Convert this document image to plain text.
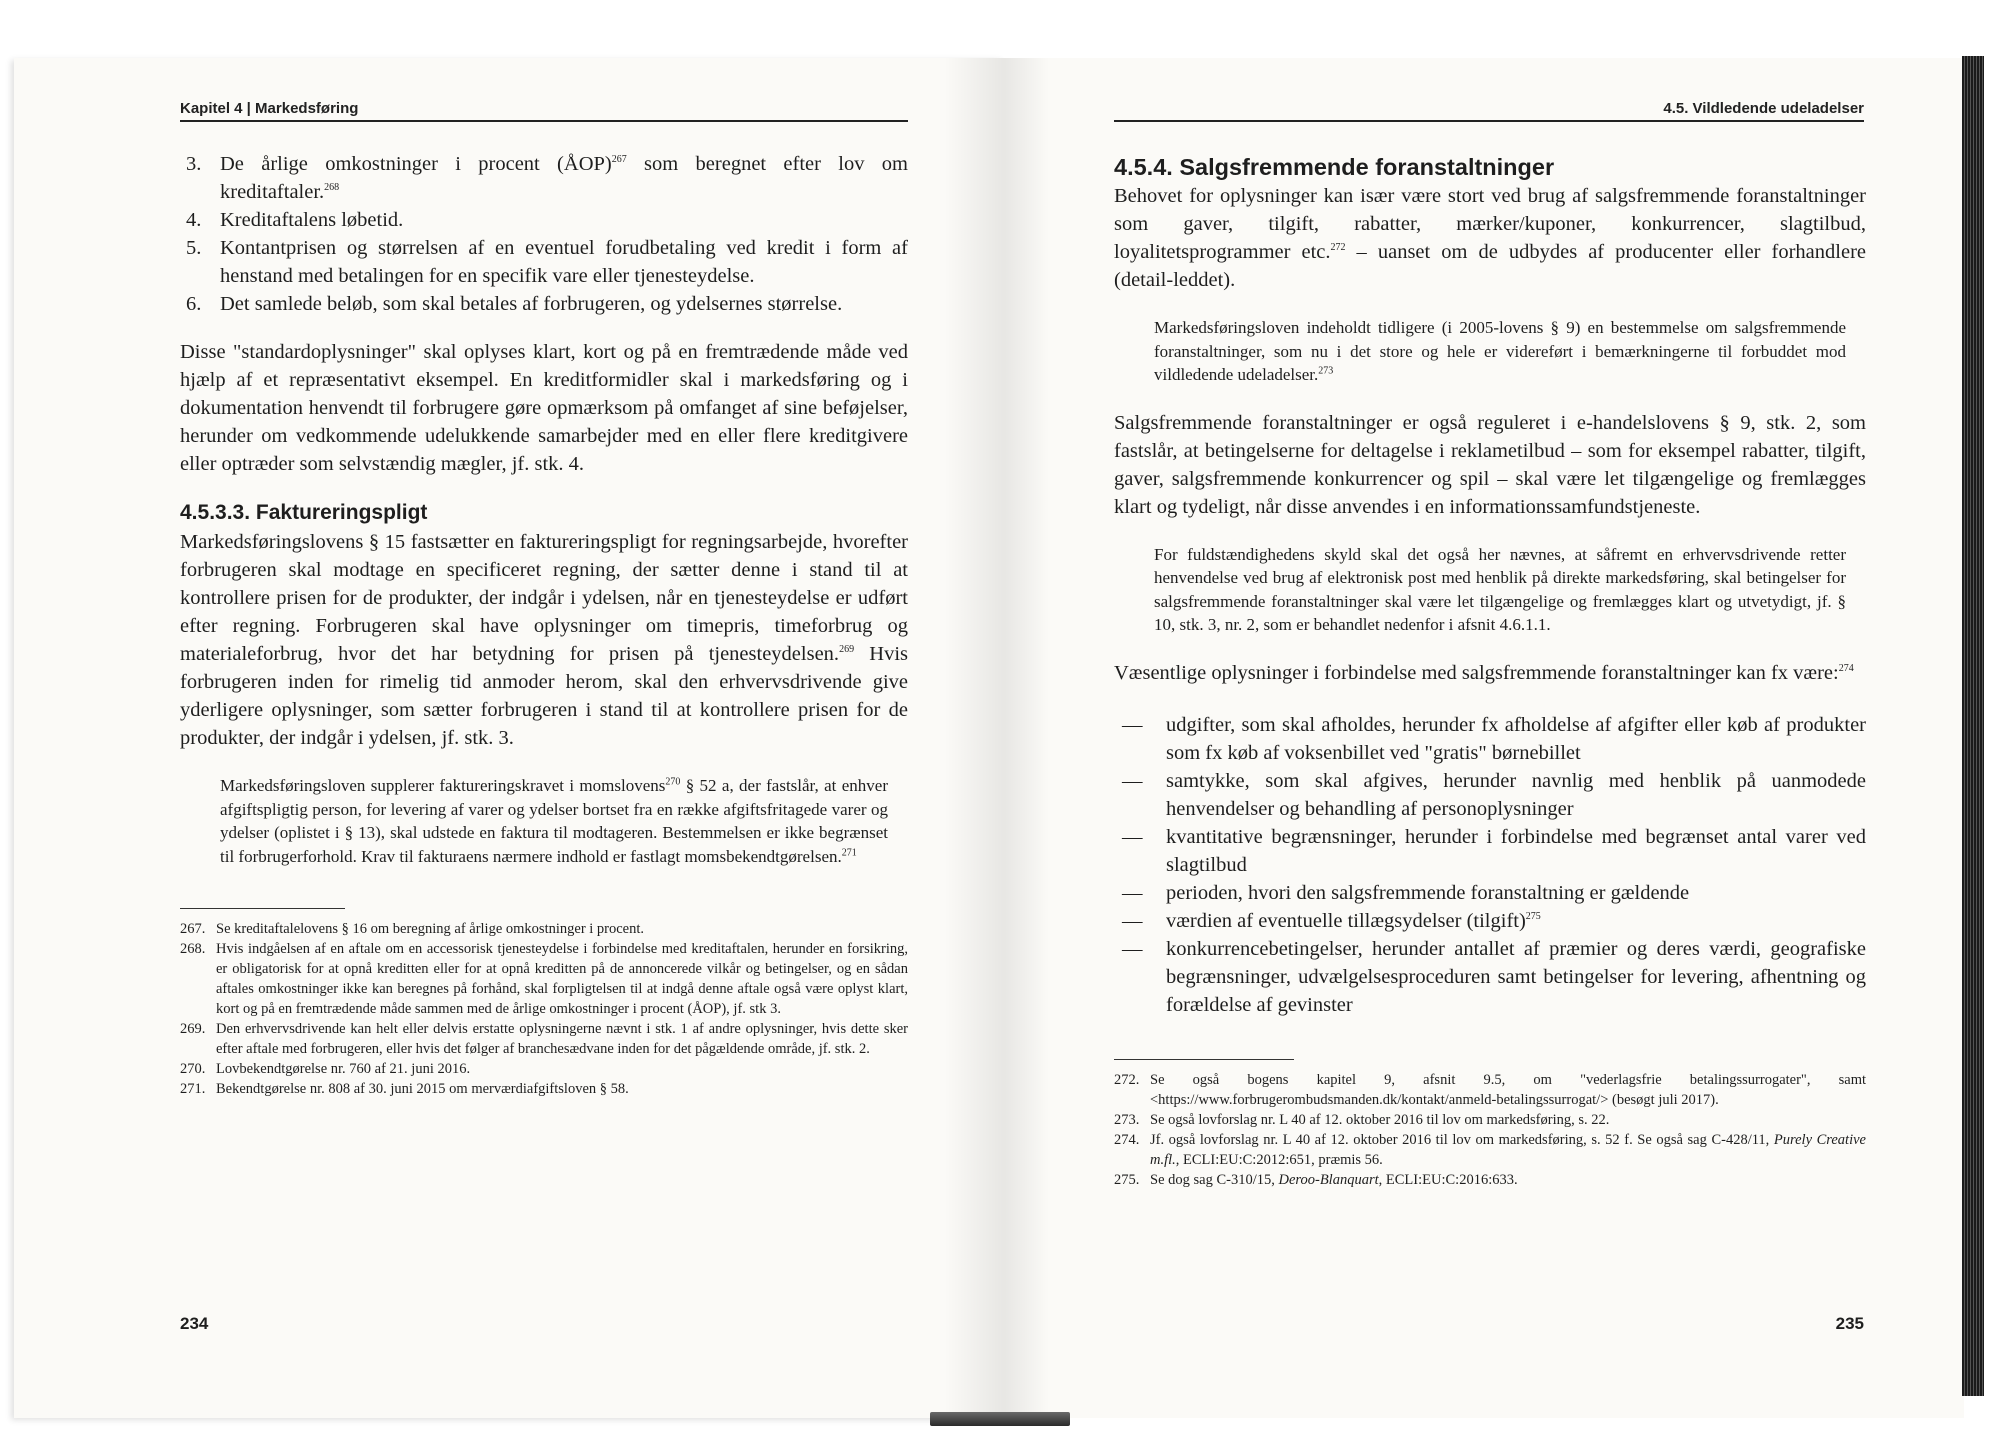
Kapitel 4 | Markedsføring
3. De årlige omkostninger i procent (ÅOP)$^{267}$ som beregnet efter lov om kreditaftaler.$^{268}$
4. Kreditaftalens løbetid.
5. Kontantprisen og størrelsen af en eventuel forudbetaling ved kredit i form af henstand med betalingen for en specifik vare eller tjenesteydelse.
6. Det samlede beløb, som skal betales af forbrugeren, og ydelsernes størrelse.

Disse "standardoplysninger" skal oplyses klart, kort og på en fremtrædende måde ved hjælp af et repræsentativt eksempel. En kreditformidler skal i markedsføring og i dokumentation henvendt til forbrugere gøre opmærksom på omfanget af sine beføjelser, herunder om vedkommende udelukkende samarbejder med en eller flere kreditgivere eller optræder som selvstændig mægler, jf. stk. 4.

4.5.3.3. Faktureringspligt

Markedsføringslovens § 15 fastsætter en faktureringspligt for regningsarbejde, hvorefter forbrugeren skal modtage en specificeret regning, der sætter denne i stand til at kontrollere prisen for de produkter, der indgår i ydelsen, når en tjenesteydelse er udført efter regning. Forbrugeren skal have oplysninger om timepris, timeforbrug og materialeforbrug, hvor det har betydning for prisen på tjenesteydelsen.$^{269}$ Hvis forbrugeren inden for rimelig tid anmoder herom, skal den erhvervsdrivende give yderligere oplysninger, som sætter forbrugeren i stand til at kontrollere prisen for de produkter, der indgår i ydelsen, jf. stk. 3.

Markedsføringsloven supplerer faktureringskravet i momslovens$^{270}$ § 52 a, der fastslår, at enhver afgiftspligtig person, for levering af varer og ydelser bortset fra en række afgiftsfritagede varer og ydelser (oplistet i § 13), skal udstede en faktura til modtageren. Bestemmelsen er ikke begrænset til forbrugerforhold. Krav til fakturaens nærmere indhold er fastlagt momsbekendtgørelsen.$^{271}$

267. Se kreditaftalelovens § 16 om beregning af årlige omkostninger i procent.
268. Hvis indgåelsen af en aftale om en accessorisk tjenesteydelse i forbindelse med kreditaftalen, herunder en forsikring, er obligatorisk for at opnå kreditten eller for at opnå kreditten på de annoncerede vilkår og betingelser, og en sådan aftales omkostninger ikke kan beregnes på forhånd, skal forpligtelsen til at indgå denne aftale også være oplyst klart, kort og på en fremtrædende måde sammen med de årlige omkostninger i procent (ÅOP), jf. stk 3.
269. Den erhvervsdrivende kan helt eller delvis erstatte oplysningerne nævnt i stk. 1 af andre oplysninger, hvis dette sker efter aftale med forbrugeren, eller hvis det følger af branchesædvane inden for det pågældende område, jf. stk. 2.
270. Lovbekendtgørelse nr. 760 af 21. juni 2016.
271. Bekendtgørelse nr. 808 af 30. juni 2015 om merværdiafgiftsloven § 58.
234
4.5. Vildledende udeladelser
4.5.4. Salgsfremmende foranstaltninger

Behovet for oplysninger kan især være stort ved brug af salgsfremmende foranstaltninger som gaver, tilgift, rabatter, mærker/kuponer, konkurrencer, slagtilbud, loyalitetsprogrammer etc.$^{272}$ – uanset om de udbydes af producenter eller forhandlere (detail-leddet).

Markedsføringsloven indeholdt tidligere (i 2005-lovens § 9) en bestemmelse om salgsfremmende foranstaltninger, som nu i det store og hele er videreført i bemærkningerne til forbuddet mod vildledende udeladelser.$^{273}$

Salgsfremmende foranstaltninger er også reguleret i e-handelslovens § 9, stk. 2, som fastslår, at betingelserne for deltagelse i reklametilbud – som for eksempel rabatter, tilgift, gaver, salgsfremmende konkurrencer og spil – skal være let tilgængelige og fremlægges klart og tydeligt, når disse anvendes i en informationssamfundstjeneste.

For fuldstændighedens skyld skal det også her nævnes, at såfremt en erhvervsdrivende retter henvendelse ved brug af elektronisk post med henblik på direkte markedsføring, skal betingelser for salgsfremmende foranstaltninger skal være let tilgængelige og fremlægges klart og utvetydigt, jf. § 10, stk. 3, nr. 2, som er behandlet nedenfor i afsnit 4.6.1.1.

Væsentlige oplysninger i forbindelse med salgsfremmende foranstaltninger kan fx være:$^{274}$

—	udgifter, som skal afholdes, herunder fx afholdelse af afgifter eller køb af produkter som fx køb af voksenbillet ved "gratis" børnebillet
—	samtykke, som skal afgives, herunder navnlig med henblik på uanmodede henvendelser og behandling af personoplysninger
—	kvantitative begrænsninger, herunder i forbindelse med begrænset antal varer ved slagtilbud
—	perioden, hvori den salgsfremmende foranstaltning er gældende
—	værdien af eventuelle tillægsydelser (tilgift)$^{275}$
—	konkurrencebetingelser, herunder antallet af præmier og deres værdi, geografiske begrænsninger, udvælgelsesproceduren samt betingelser for levering, afhentning og forældelse af gevinster
272. Se også bogens kapitel 9, afsnit 9.5, om "vederlagsfrie betalingssurrogater", samt <https://www.forbrugerombudsmanden.dk/kontakt/anmeld-betalingssurrogat/> (besøgt juli 2017).
273. Se også lovforslag nr. L 40 af 12. oktober 2016 til lov om markedsføring, s. 22.
274. Jf. også lovforslag nr. L 40 af 12. oktober 2016 til lov om markedsføring, s. 52 f. Se også sag C-428/11, Purely Creative m.fl., ECLI:EU:C:2012:651, præmis 56.
275. Se dog sag C-310/15, Deroo-Blanquart, ECLI:EU:C:2016:633.
235
